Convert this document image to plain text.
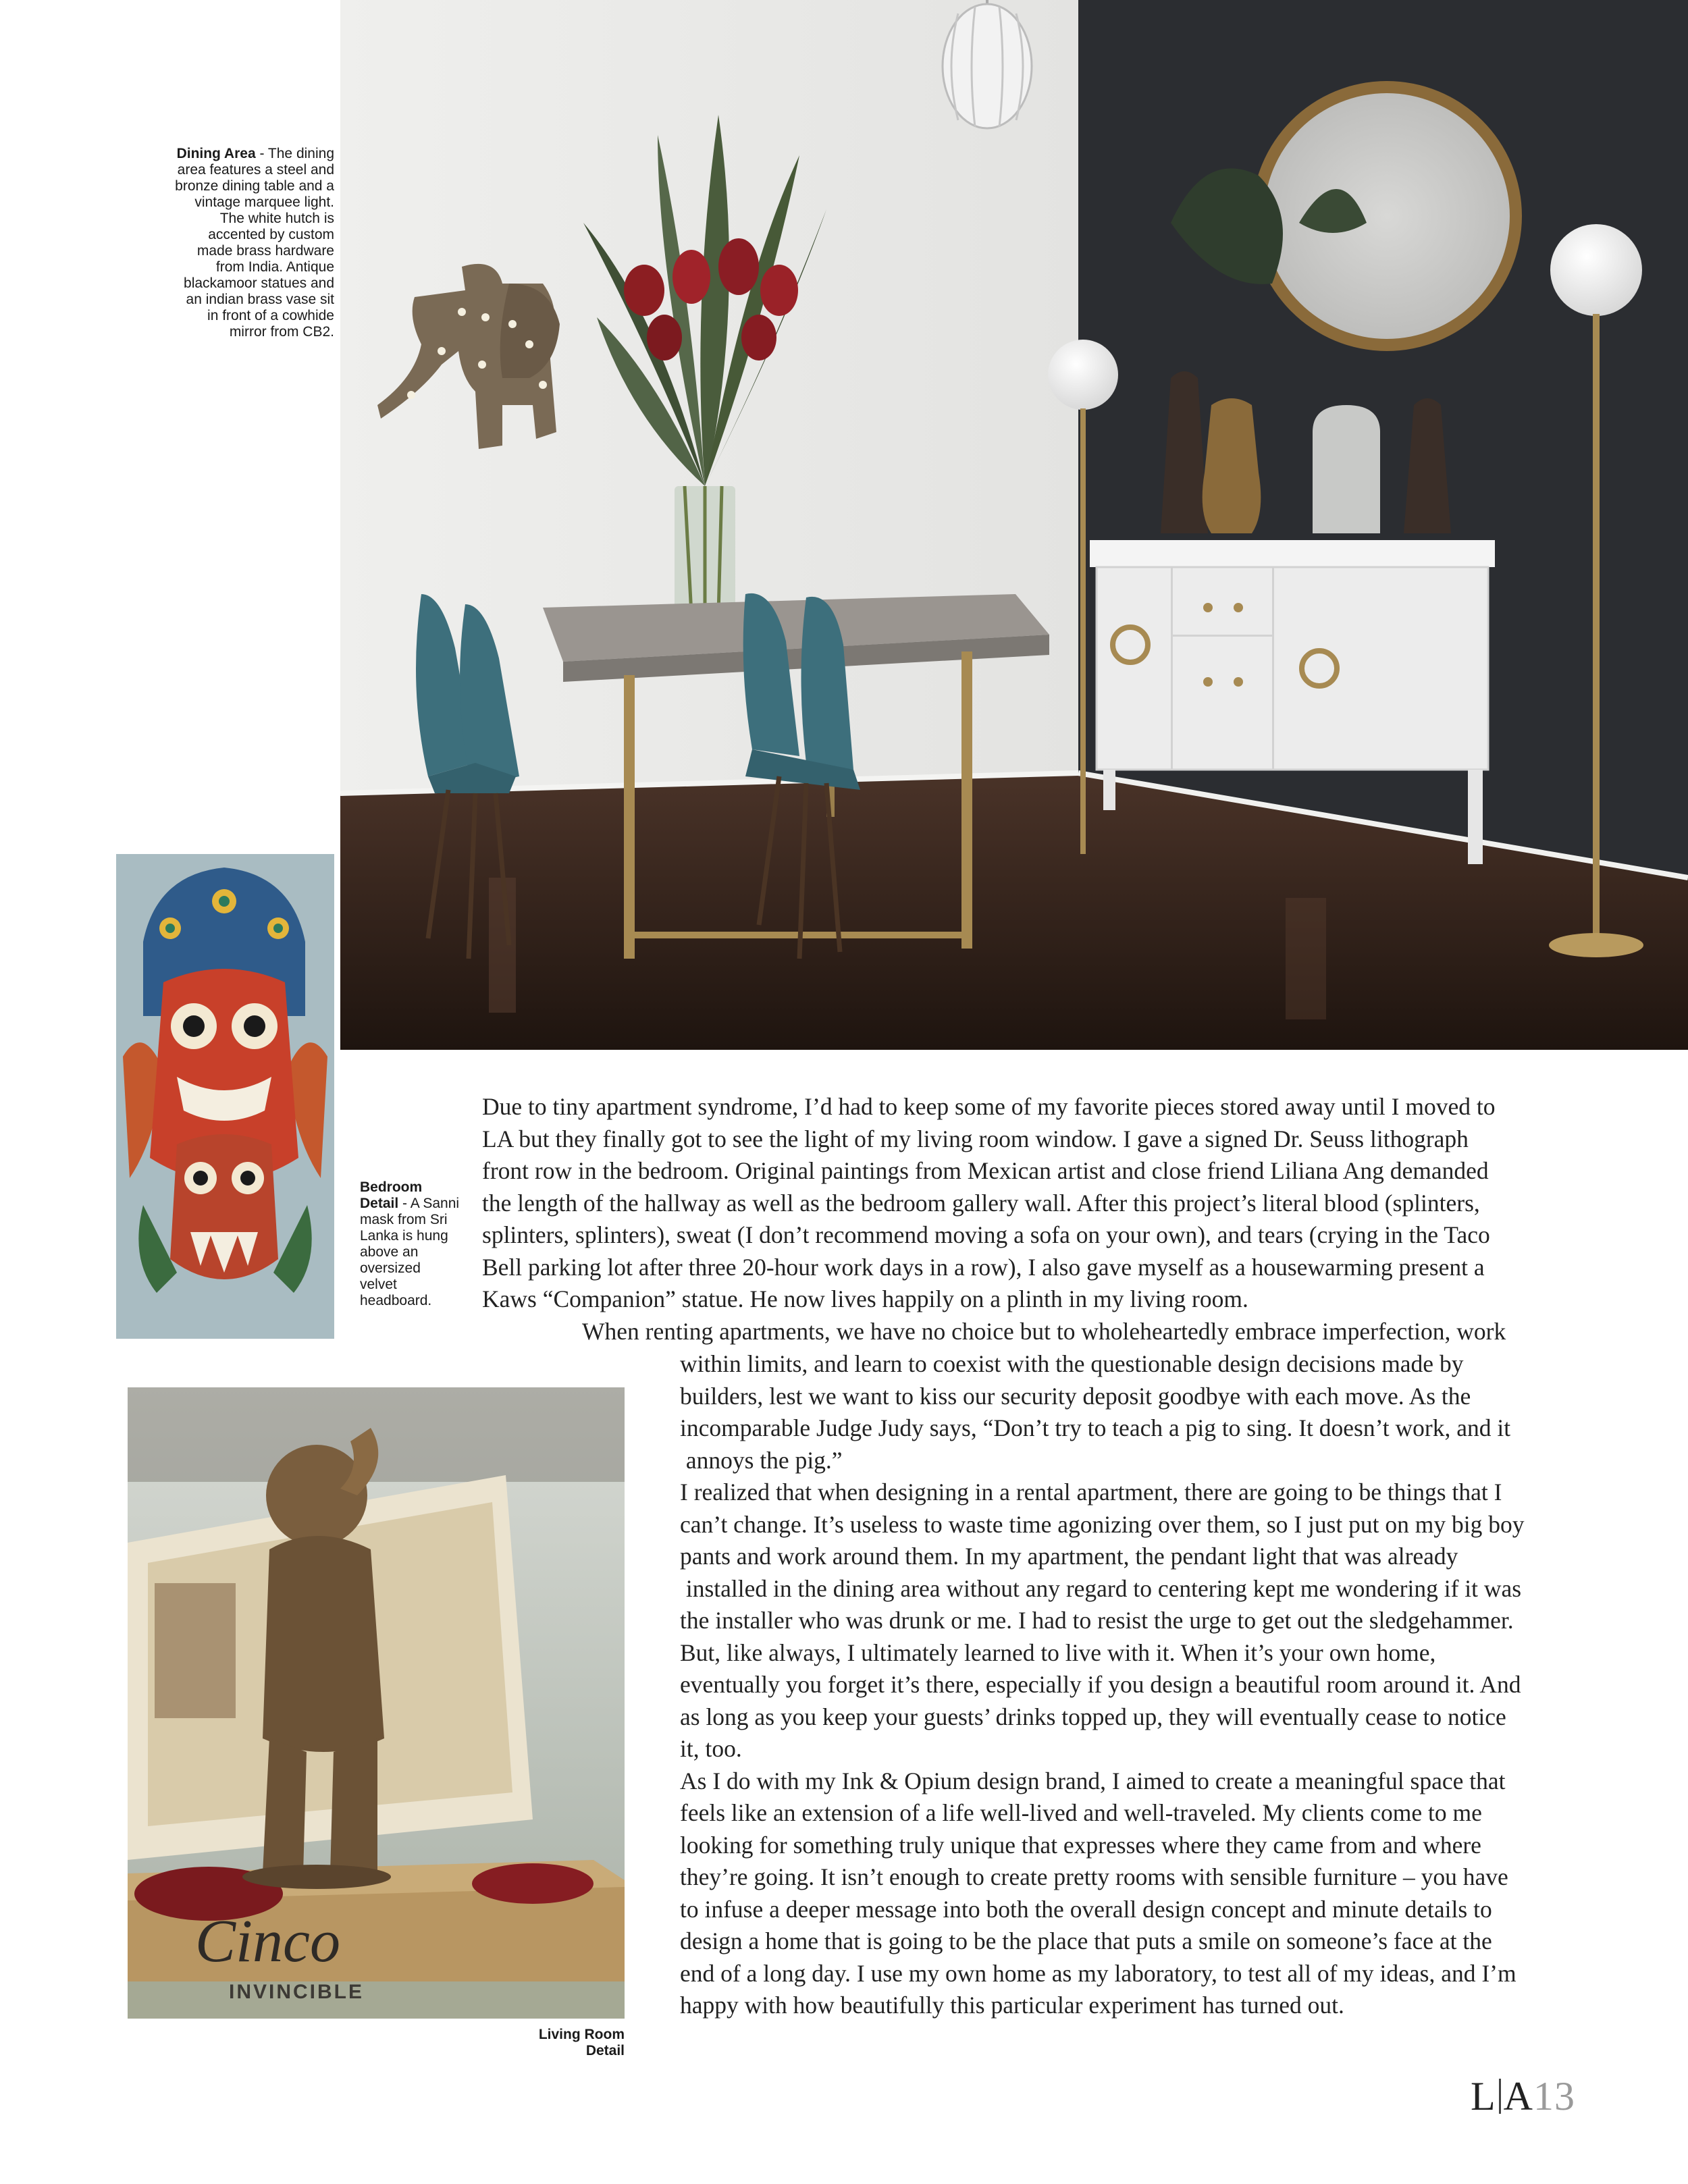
Dining Area - The dining area features a steel and bronze dining table and a vintage marquee light. The white hutch is accented by custom made brass hardware from India. Antique blackamoor statues and an indian brass vase sit in front of a cowhide mirror from CB2.
Bedroom Detail - A Sanni mask from Sri Lanka is hung above an oversized velvet headboard.
Cinco
INVINCIBLE
Living Room Detail
Due to tiny apartment syndrome, I’d had to keep some of my favorite pieces stored away until I moved to
LA but they finally got to see the light of my living room window. I gave a signed Dr. Seuss lithograph
front row in the bedroom. Original paintings from Mexican artist and close friend Liliana Ang demanded
the length of the hallway as well as the bedroom gallery wall. After this project’s literal blood (splinters,
splinters, splinters), sweat (I don’t recommend moving a sofa on your own), and tears (crying in the Taco
Bell parking lot after three 20-hour work days in a row), I also gave myself as a housewarming present a
Kaws “Companion” statue. He now lives happily on a plinth in my living room.
When renting apartments, we have no choice but to wholeheartedly embrace imperfection, work
within limits, and learn to coexist with the questionable design decisions made by
builders, lest we want to kiss our security deposit goodbye with each move. As the
incomparable Judge Judy says, “Don’t try to teach a pig to sing. It doesn’t work, and it
annoys the pig.”
I realized that when designing in a rental apartment, there are going to be things that I
can’t change. It’s useless to waste time agonizing over them, so I just put on my big boy
pants and work around them. In my apartment, the pendant light that was already
installed in the dining area without any regard to centering kept me wondering if it was
the installer who was drunk or me. I had to resist the urge to get out the sledgehammer.
But, like always, I ultimately learned to live with it. When it’s your own home,
eventually you forget it’s there, especially if you design a beautiful room around it. And
as long as you keep your guests’ drinks topped up, they will eventually cease to notice
it, too.
As I do with my Ink & Opium design brand, I aimed to create a meaningful space that
feels like an extension of a life well-lived and well-traveled. My clients come to me
looking for something truly unique that expresses where they came from and where
they’re going. It isn’t enough to create pretty rooms with sensible furniture – you have
to infuse a deeper message into both the overall design concept and minute details to
design a home that is going to be the place that puts a smile on someone’s face at the
end of a long day. I use my own home as my laboratory, to test all of my ideas, and I’m
happy with how beautifully this particular experiment has turned out.
L A13
